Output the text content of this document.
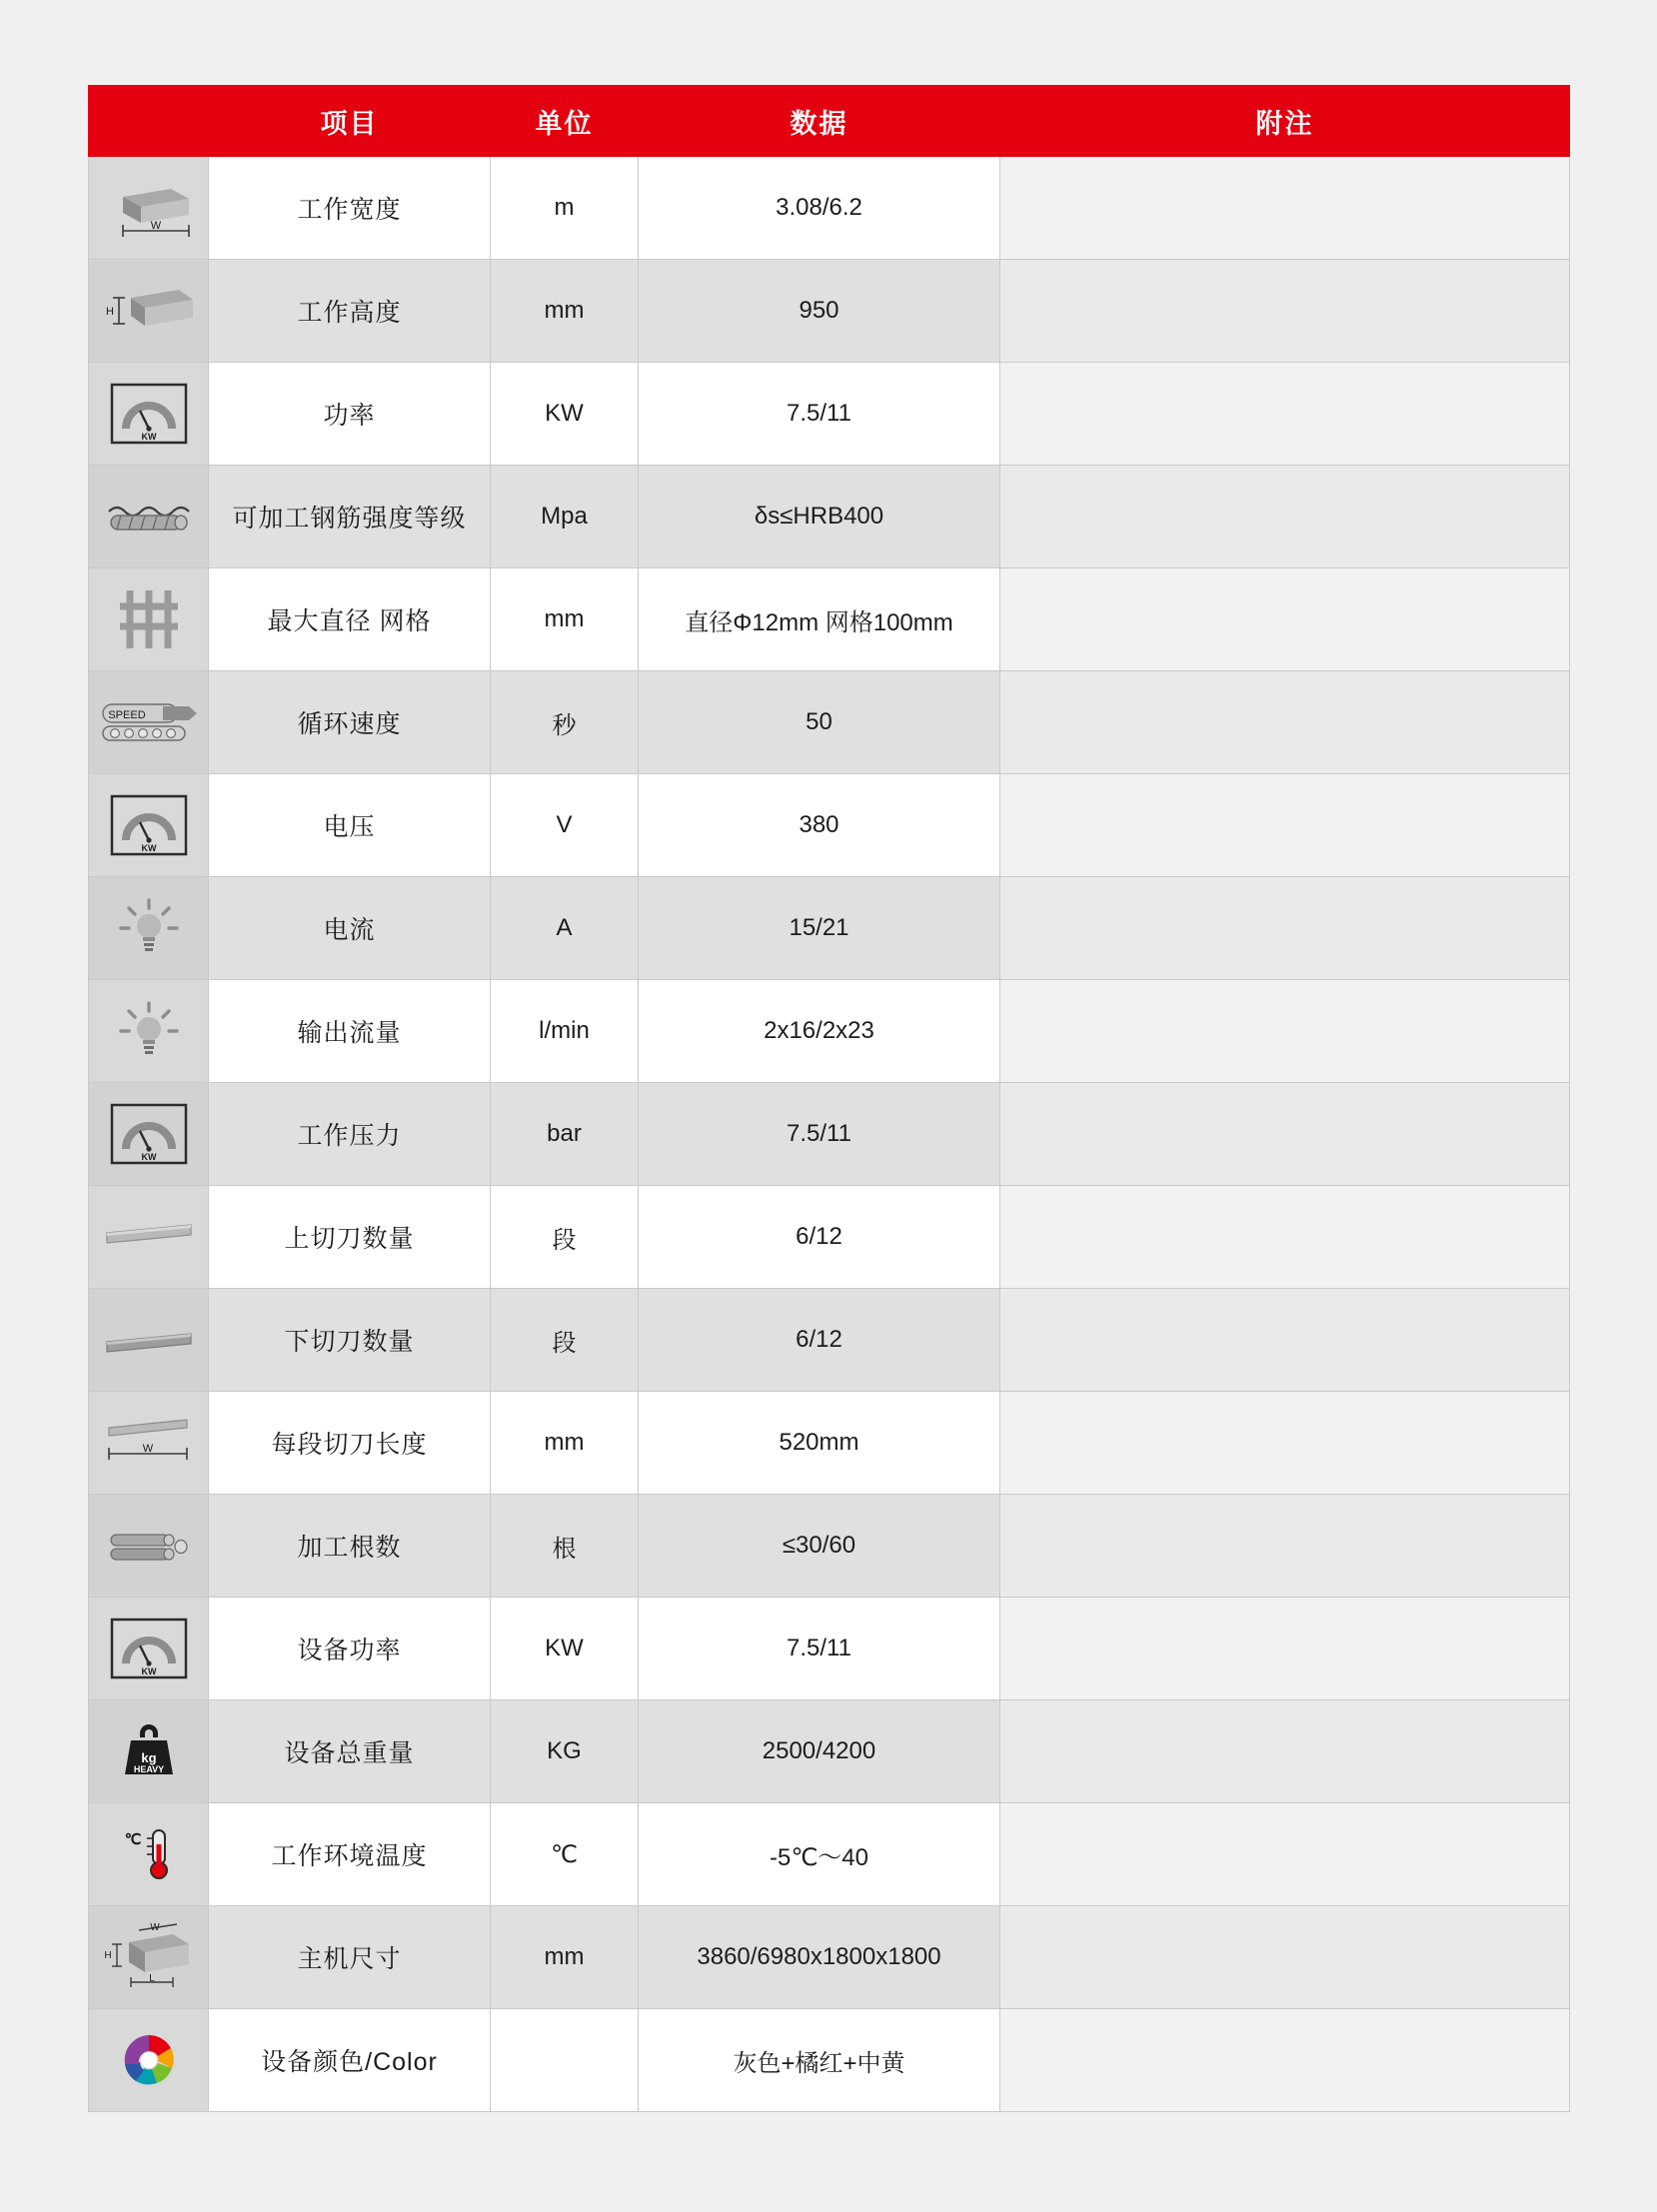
	项目	单位	数据	附注

W	工作宽度	m	3.08/6.2	

H	工作高度	mm	950	

KW	功率	KW	7.5/11	

	可加工钢筋强度等级	Mpa	δs≤HRB400	

	最大直径 网格	mm	直径Φ12mm 网格100mm	

SPEED	循环速度	秒	50	

KW	电压	V	380	

	电流	A	15/21	

	输出流量	l/min	2x16/2x23	

KW	工作压力	bar	7.5/11	

	上切刀数量	段	6/12	

	下切刀数量	段	6/12	

W	每段切刀长度	mm	520mm	

	加工根数	根	≤30/60	

KW	设备功率	KW	7.5/11	

kg
HEAVY	设备总重量	KG	2500/4200	

℃	工作环境温度	℃	-5℃～40	

H
L
W	主机尺寸	mm	3860/6980x1800x1800	

	设备颜色/Color		灰色+橘红+中黄	
